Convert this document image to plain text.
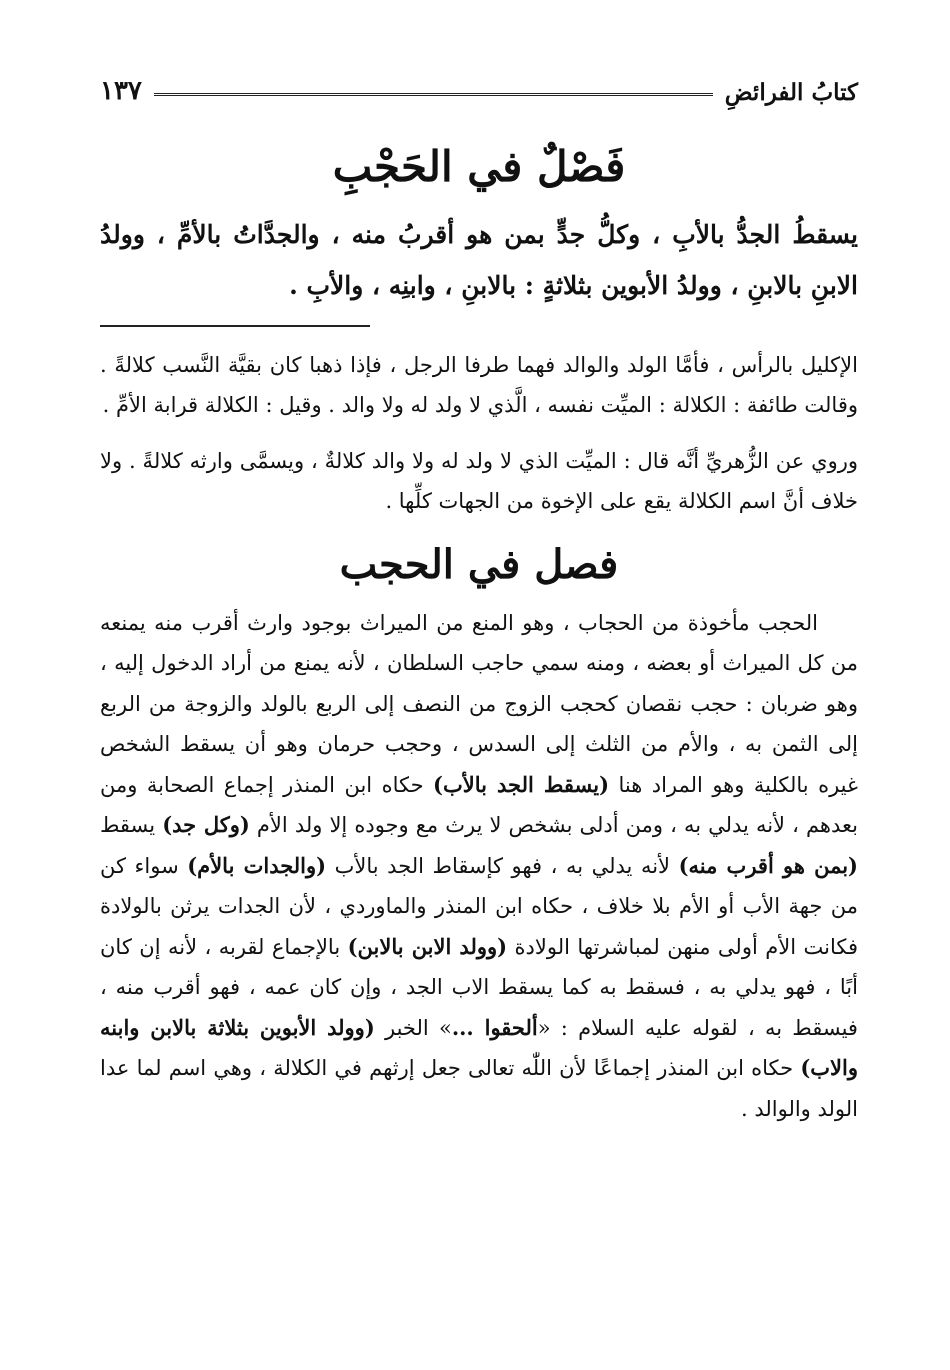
كتابُ الفرائضِ
١٣٧
فَصْلٌ في الحَجْبِ

يسقطُ الجدُّ بالأبِ ، وكلُّ جدٍّ بمن هو أقربُ منه ، والجدَّاتُ بالأمِّ ، وولدُ الابنِ بالابنِ ، وولدُ الأبوين بثلاثةٍ : بالابنِ ، وابنِه ، والأبِ .

الإكليل بالرأس ، فأمَّا الولد والوالد فهما طرفا الرجل ، فإذا ذهبا كان بقيَّة النَّسب كلالةً . وقالت طائفة : الكلالة : الميِّت نفسه ، الَّذي لا ولد له ولا والد . وقيل : الكلالة قرابة الأمِّ .

وروي عن الزُّهريِّ أنَّه قال : الميِّت الذي لا ولد له ولا والد كلالةٌ ، ويسمَّى وارثه كلالةً . ولا خلاف أنَّ اسم الكلالة يقع على الإخوة من الجهات كلِّها .

فصل في الحجب

الحجب مأخوذة من الحجاب ، وهو المنع من الميراث بوجود وارث أقرب منه يمنعه من كل الميراث أو بعضه ، ومنه سمي حاجب السلطان ، لأنه يمنع من أراد الدخول إليه ، وهو ضربان : حجب نقصان كحجب الزوج من النصف إلى الربع بالولد والزوجة من الربع إلى الثمن به ، والأم من الثلث إلى السدس ، وحجب حرمان وهو أن يسقط الشخص غيره بالكلية وهو المراد هنا (يسقط الجد بالأب) حكاه ابن المنذر إجماع الصحابة ومن بعدهم ، لأنه يدلي به ، ومن أدلى بشخص لا يرث مع وجوده إلا ولد الأم (وكل جد) يسقط (بمن هو أقرب منه) لأنه يدلي به ، فهو كإسقاط الجد بالأب (والجدات بالأم) سواء كن من جهة الأب أو الأم بلا خلاف ، حكاه ابن المنذر والماوردي ، لأن الجدات يرثن بالولادة فكانت الأم أولى منهن لمباشرتها الولادة (وولد الابن بالابن) بالإجماع لقربه ، لأنه إن كان أبًا ، فهو يدلي به ، فسقط به كما يسقط الاب الجد ، وإن كان عمه ، فهو أقرب منه ، فيسقط به ، لقوله عليه السلام : «ألحقوا ...» الخبر (وولد الأبوين بثلاثة بالابن وابنه والاب) حكاه ابن المنذر إجماعًا لأن اللّٰه تعالى جعل إرثهم في الكلالة ، وهي اسم لما عدا الولد والوالد .
